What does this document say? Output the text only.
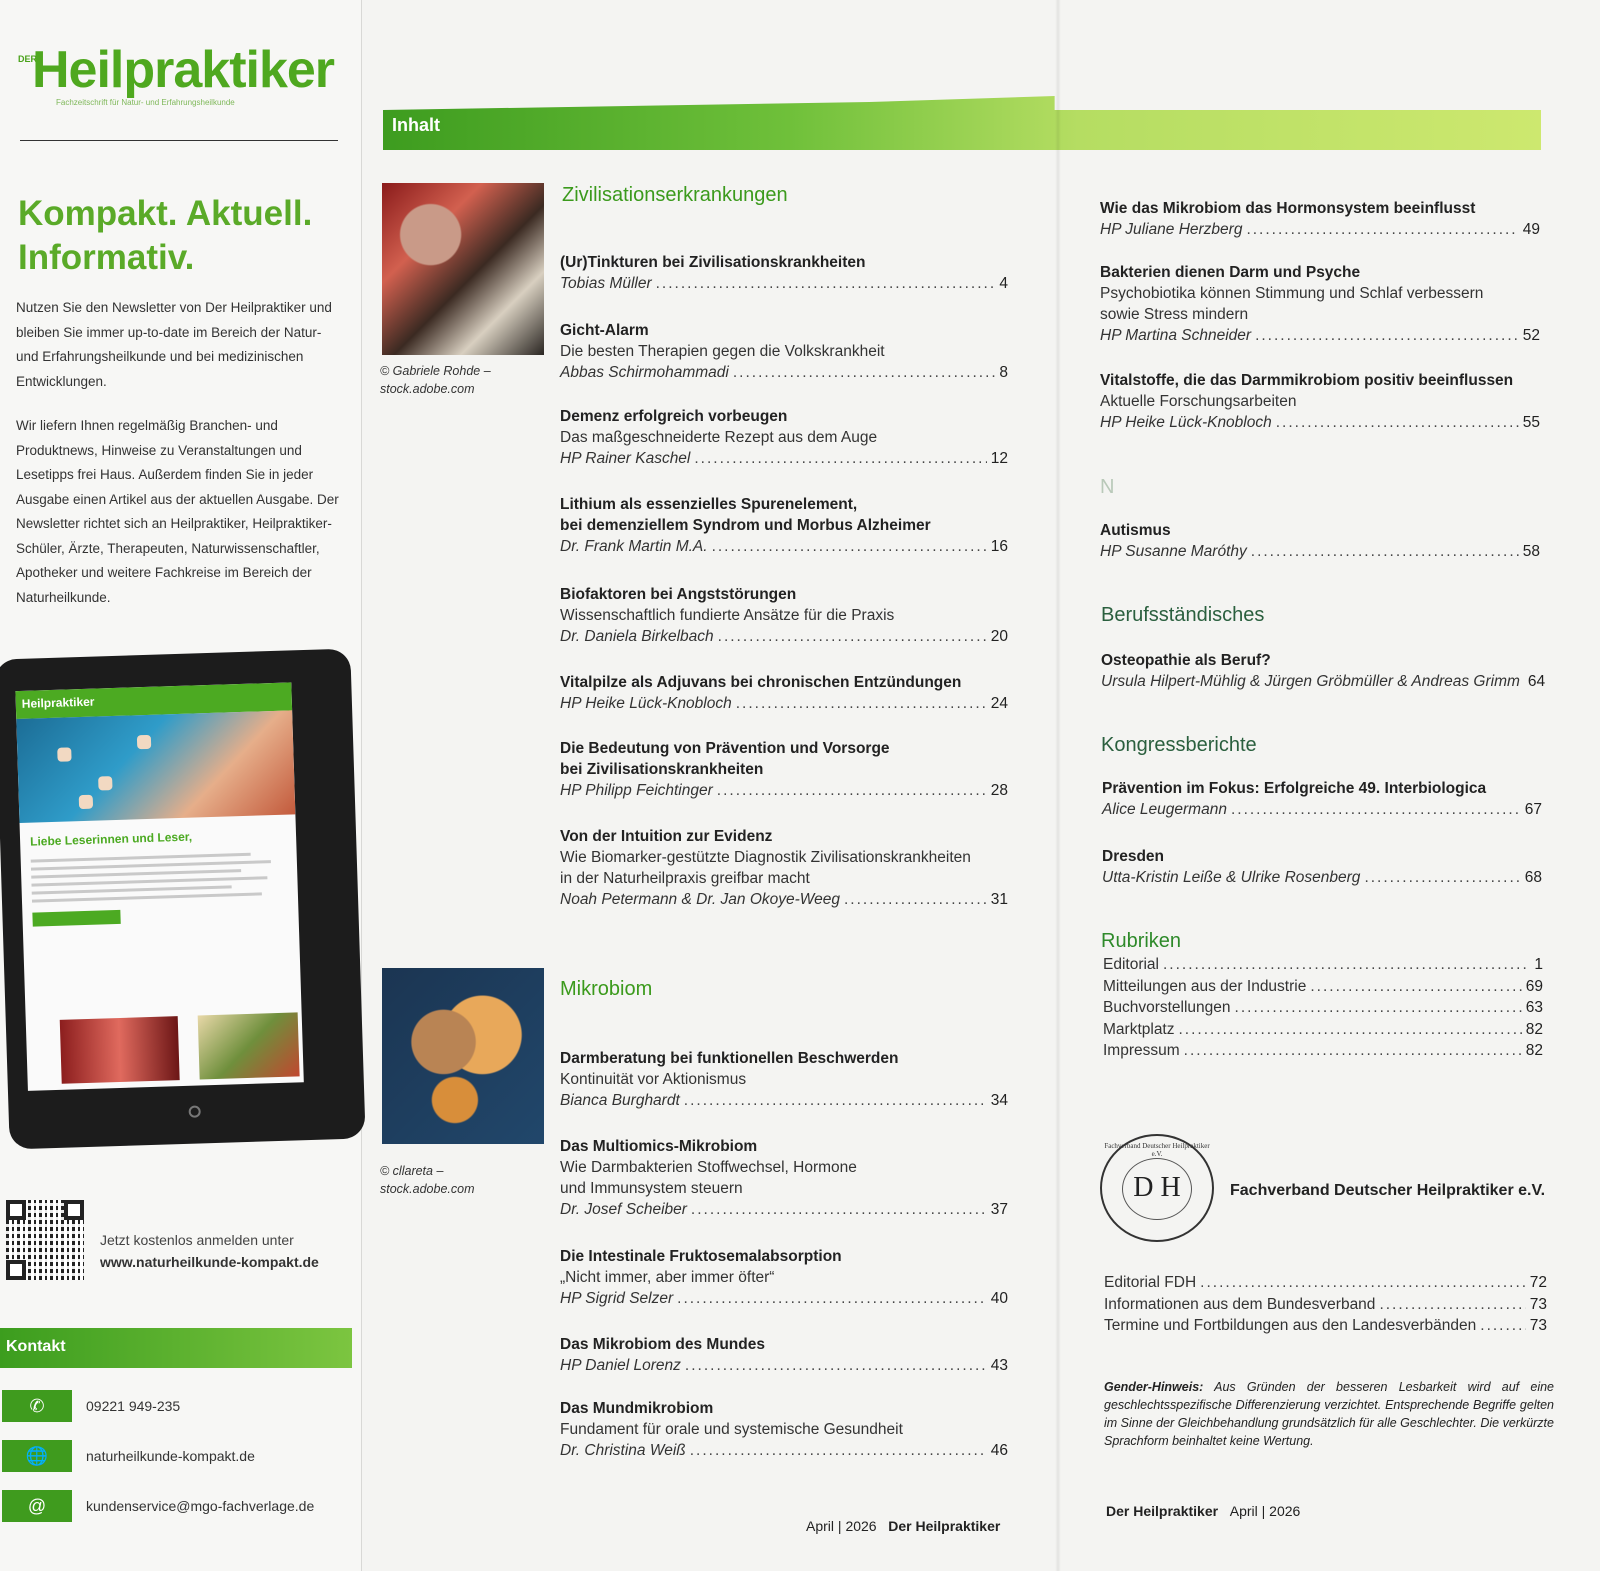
DER
Heilpraktiker
Fachzeitschrift für Natur- und Erfahrungsheilkunde
Kompakt. Aktuell.
Informativ.

Nutzen Sie den Newsletter von Der Heilpraktiker und bleiben Sie immer up-to-date im Bereich der Natur- und Erfahrungsheilkunde und bei medizinischen Entwicklungen.

Wir liefern Ihnen regelmäßig Branchen- und Produktnews, Hinweise zu Veranstaltungen und Lesetipps frei Haus. Außerdem finden Sie in jeder Ausgabe einen Artikel aus der aktuellen Ausgabe. Der Newsletter richtet sich an Heilpraktiker, Heilpraktiker-Schüler, Ärzte, Therapeuten, Naturwissenschaftler, Apotheker und weitere Fachkreise im Bereich der Naturheilkunde.

Heilpraktiker
Liebe Leserinnen und Leser,
Jetzt kostenlos anmelden unter
www.naturheilkunde-kompakt.de
Kontakt
✆	09221 949-235
🌐	naturheilkunde-kompakt.de
@	kundenservice@mgo-fachverlage.de
Inhalt
© Gabriele Rohde –
stock.adobe.com
Zivilisationserkrankungen
(Ur)Tinkturen bei Zivilisationskrankheiten
Tobias Müller .....	4
Gicht-Alarm
Die besten Therapien gegen die Volkskrankheit
Abbas Schirmohammadi .....	8
Demenz erfolgreich vorbeugen
Das maßgeschneiderte Rezept aus dem Auge
HP Rainer Kaschel .....	12
Lithium als essenzielles Spurenelement,
bei demenziellem Syndrom und Morbus Alzheimer
Dr. Frank Martin M.A. .....	16
Biofaktoren bei Angststörungen
Wissenschaftlich fundierte Ansätze für die Praxis
Dr. Daniela Birkelbach .....	20
Vitalpilze als Adjuvans bei chronischen Entzündungen
HP Heike Lück-Knobloch .....	24
Die Bedeutung von Prävention und Vorsorge
bei Zivilisationskrankheiten
HP Philipp Feichtinger .....	28
Von der Intuition zur Evidenz
Wie Biomarker-gestützte Diagnostik Zivilisationskrankheiten
in der Naturheilpraxis greifbar macht
Noah Petermann & Dr. Jan Okoye-Weeg .....	31
© cllareta –
stock.adobe.com
Mikrobiom
Darmberatung bei funktionellen Beschwerden
Kontinuität vor Aktionismus
Bianca Burghardt .....	34
Das Multiomics-Mikrobiom
Wie Darmbakterien Stoffwechsel, Hormone
und Immunsystem steuern
Dr. Josef Scheiber .....	37
Die Intestinale Fruktosemalabsorption
„Nicht immer, aber immer öfter“
HP Sigrid Selzer .....	40
Das Mikrobiom des Mundes
HP Daniel Lorenz .....	43
Das Mundmikrobiom
Fundament für orale und systemische Gesundheit
Dr. Christina Weiß .....	46
April | 2026 Der Heilpraktiker
Wie das Mikrobiom das Hormonsystem beeinflusst
HP Juliane Herzberg .....	49
Bakterien dienen Darm und Psyche
Psychobiotika können Stimmung und Schlaf verbessern
sowie Stress mindern
HP Martina Schneider .....	52
Vitalstoffe, die das Darmmikrobiom positiv beeinflussen
Aktuelle Forschungsarbeiten
HP Heike Lück-Knobloch .....	55
Autismus
HP Susanne Maróthy .....	58
Osteopathie als Beruf?
Ursula Hilpert-Mühlig & Jürgen Gröbmüller & Andreas Grimm 64
Prävention im Fokus: Erfolgreiche 49. Interbiologica
Alice Leugermann .....	67
Dresden
Utta-Kristin Leiße & Ulrike Rosenberg .....	68
Editorial .....	1
Mitteilungen aus der Industrie .....	69
Buchvorstellungen .....	63
Marktplatz .....	82
Impressum .....	82
Editorial FDH .....	72
Informationen aus dem Bundesverband .....	73
Termine und Fortbildungen aus den Landesverbänden .....	73
N
Berufsständisches
Kongressberichte
Rubriken
Fachverband Deutscher Heilpraktiker e.V.
D H	Fachverband Deutscher Heilpraktiker e.V.
Gender-Hinweis: Aus Gründen der besseren Lesbarkeit wird auf eine geschlechtsspezifische Differenzierung verzichtet. Entsprechende Begriffe gelten im Sinne der Gleichbehandlung grundsätzlich für alle Geschlechter. Die verkürzte Sprachform beinhaltet keine Wertung.
Der Heilpraktiker April | 2026
